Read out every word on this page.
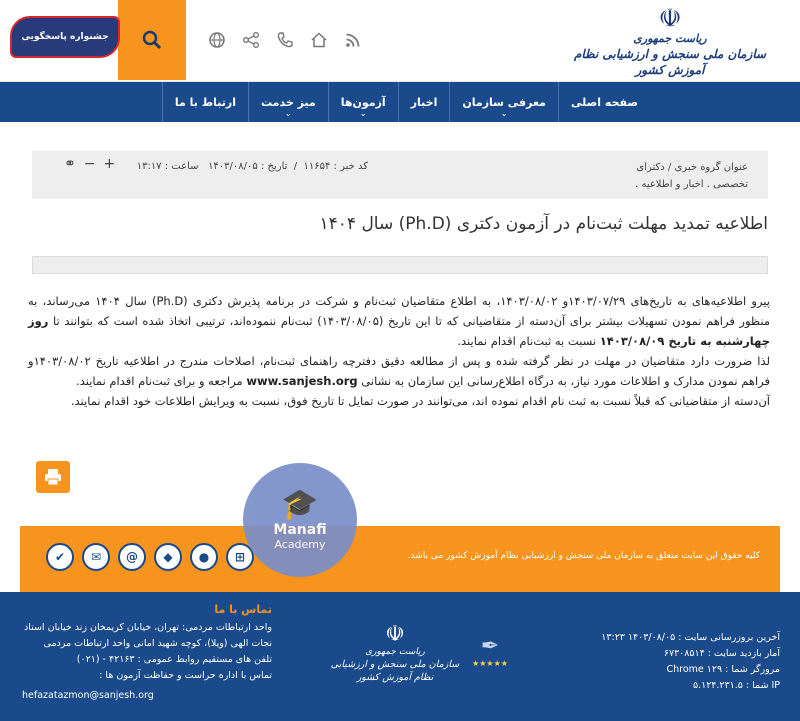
☫
ریاست جمهوری
سازمان ملی سنجش و ارزشیابی نظام آموزش کشور
جشنواره پاسخگویی
صفحه اصلی
معرفی سازمان
⌄
اخبار
آزمون‌ها
⌄
میز خدمت
⌄
ارتباط با ما
عنوان گروه خبری / دکترای تخصصی . اخبار و اطلاعیه .
کد خبر : ۱۱۶۵۴  /  تاریخ : ۱۴۰۳/۰۸/۰۵   ساعت : ۱۳:۱۷
⚭ − +
اطلاعیه تمدید مهلت ثبت‌نام در آزمون دکتری (Ph.D) سال ۱۴۰۴

پیرو اطلاعیه‌های به تاریخ‌های ۱۴۰۳/۰۷/۲۹و ۱۴۰۳/۰۸/۰۲، به اطلاع متقاضیان ثبت‌نام و شرکت در برنامه پذیرش دکتری (Ph.D) سال ۱۴۰۴ می‌رساند، به منظور فراهم نمودن تسهیلات بیشتر برای آن‌دسته از متقاضیانی که تا این تاریخ (۱۴۰۳/۰۸/۰۵) ثبت‌نام ننموده‌اند، ترتیبی اتخاذ شده است که بتوانند تا روز چهارشنبه به تاریخ ۱۴۰۳/۰۸/۰۹ نسبت به ثبت‌نام اقدام نمایند.

لذا ضرورت دارد متقاضیان در مهلت در نظر گرفته شده و پس از مطالعه دقیق دفترچه راهنمای ثبت‌نام، اصلاحات مندرج در اطلاعیه تاریخ ۱۴۰۳/۰۸/۰۲و فراهم نمودن مدارک و اطلاعات مورد نیاز، به درگاه اطلاع‌رسانی این سازمان به نشانی www.sanjesh.org مراجعه و برای ثبت‌نام اقدام نمایند.

آن‌دسته از متقاضیانی که قبلاً نسبت به ثبت نام اقدام نموده اند، می‌توانند در صورت تمایل تا تاریخ فوق، نسبت به ویرایش اطلاعات خود اقدام نمایند.

کلیه حقوق این سایت متعلق به سازمان ملی سنجش و ارزشیابی نظام آموزش کشور می باشد.
✔	✉	@	◆	●	⊞
🎓
Manafi
Academy
تماس با ما
واحد ارتباطات مردمی: تهران، خیابان کریمخان زند خیابان استاد نجات الهی (ویلا)، کوچه شهید امانی واحد ارتباطات مردمی
تلفن های مستقیم روابط عمومی : ۴۲۱۶۳ - (۰۲۱)
تماس با اداره حراست و حفاظت آزمون ها :
hefazatazmon@sanjesh.org
☫
ریاست جمهوری
سازمان ملی سنجش و ارزشیابی نظام آموزش کشور
✒
★★★★★
آخرین بروزرسانی سایت : ۱۴۰۳/۰۸/۰۵ ۱۳:۲۳
آمار بازدید سایت : ۶۷۳۰۸۵۱۴
مرورگر شما : Chrome ۱۲۹
IP شما : ۵.۱۲۴.۲۳۱.۵
